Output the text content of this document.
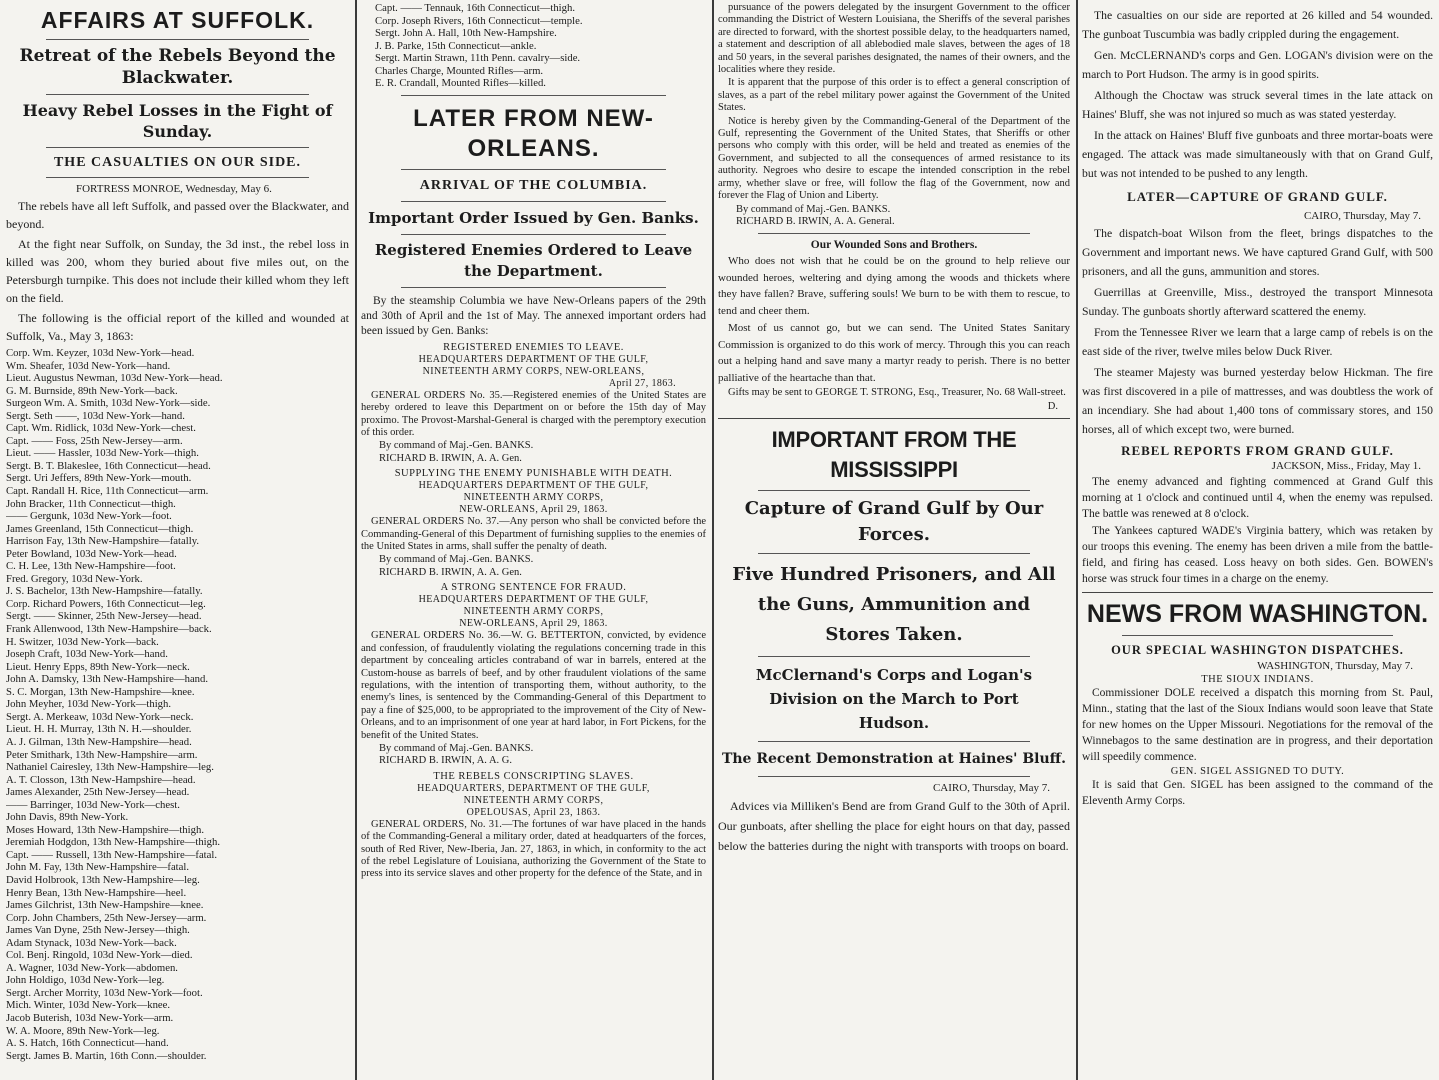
AFFAIRS AT SUFFOLK.
Retreat of the Rebels Beyond the Blackwater.
Heavy Rebel Losses in the Fight of Sunday.
THE CASUALTIES ON OUR SIDE.
FORTRESS MONROE, Wednesday, May 6.

The rebels have all left Suffolk, and passed over the Blackwater, and beyond.

At the fight near Suffolk, on Sunday, the 3d inst., the rebel loss in killed was 200, whom they buried about five miles out, on the Petersburgh turnpike. This does not include their killed whom they left on the field.

The following is the official report of the killed and wounded at Suffolk, Va., May 3, 1863:

Corp. Wm. Keyzer, 103d New-York—head.
Wm. Sheafer, 103d New-York—hand.
Lieut. Augustus Newman, 103d New-York—head.
G. M. Burnside, 89th New-York—back.
Surgeon Wm. A. Smith, 103d New-York—side.
Sergt. Seth ——, 103d New-York—hand.
Capt. Wm. Ridlick, 103d New-York—chest.
Capt. —— Foss, 25th New-Jersey—arm.
Lieut. —— Hassler, 103d New-York—thigh.
Sergt. B. T. Blakeslee, 16th Connecticut—head.
Sergt. Uri Jeffers, 89th New-York—mouth.
Capt. Randall H. Rice, 11th Connecticut—arm.
John Bracker, 11th Connecticut—thigh.
—— Gergunk, 103d New-York—foot.
James Greenland, 15th Connecticut—thigh.
Harrison Fay, 13th New-Hampshire—fatally.
Peter Bowland, 103d New-York—head.
C. H. Lee, 13th New-Hampshire—foot.
Fred. Gregory, 103d New-York.
J. S. Bachelor, 13th New-Hampshire—fatally.
Corp. Richard Powers, 16th Connecticut—leg.
Sergt. —— Skinner, 25th New-Jersey—head.
Frank Allenwood, 13th New-Hampshire—back.
H. Switzer, 103d New-York—back.
Joseph Craft, 103d New-York—hand.
Lieut. Henry Epps, 89th New-York—neck.
John A. Damsky, 13th New-Hampshire—hand.
S. C. Morgan, 13th New-Hampshire—knee.
John Meyher, 103d New-York—thigh.
Sergt. A. Merkeaw, 103d New-York—neck.
Lieut. H. H. Murray, 13th N. H.—shoulder.
A. J. Gilman, 13th New-Hampshire—head.
Peter Smithark, 13th New-Hampshire—arm.
Nathaniel Cairesley, 13th New-Hampshire—leg.
A. T. Closson, 13th New-Hampshire—head.
James Alexander, 25th New-Jersey—head.
—— Barringer, 103d New-York—chest.
John Davis, 89th New-York.
Moses Howard, 13th New-Hampshire—thigh.
Jeremiah Hodgdon, 13th New-Hampshire—thigh.
Capt. —— Russell, 13th New-Hampshire—fatal.
John M. Fay, 13th New-Hampshire—fatal.
David Holbrook, 13th New-Hampshire—leg.
Henry Bean, 13th New-Hampshire—heel.
James Gilchrist, 13th New-Hampshire—knee.
Corp. John Chambers, 25th New-Jersey—arm.
James Van Dyne, 25th New-Jersey—thigh.
Adam Stynack, 103d New-York—back.
Col. Benj. Ringold, 103d New-York—died.
A. Wagner, 103d New-York—abdomen.
John Holdigo, 103d New-York—leg.
Sergt. Archer Morrity, 103d New-York—foot.
Mich. Winter, 103d New-York—knee.
Jacob Buterish, 103d New-York—arm.
W. A. Moore, 89th New-York—leg.
A. S. Hatch, 16th Connecticut—hand.
Sergt. James B. Martin, 16th Conn.—shoulder.
Capt. —— Tennauk, 16th Connecticut—thigh.
Corp. Joseph Rivers, 16th Connecticut—temple.
Sergt. John A. Hall, 10th New-Hampshire.
J. B. Parke, 15th Connecticut—ankle.
Sergt. Martin Strawn, 11th Penn. cavalry—side.
Charles Charge, Mounted Rifles—arm.
E. R. Crandall, Mounted Rifles—killed.
LATER FROM NEW-ORLEANS.
ARRIVAL OF THE COLUMBIA.
Important Order Issued by Gen. Banks.
Registered Enemies Ordered to Leave the Department.

By the steamship Columbia we have New-Orleans papers of the 29th and 30th of April and the 1st of May. The annexed important orders had been issued by Gen. Banks:

REGISTERED ENEMIES TO LEAVE.
HEADQUARTERS DEPARTMENT OF THE GULF,
NINETEENTH ARMY CORPS, NEW-ORLEANS,
April 27, 1863.

GENERAL ORDERS No. 35.—Registered enemies of the United States are hereby ordered to leave this Department on or before the 15th day of May proximo. The Provost-Marshal-General is charged with the peremptory execution of this order.

By command of Maj.-Gen. BANKS.
RICHARD B. IRWIN, A. A. Gen.
SUPPLYING THE ENEMY PUNISHABLE WITH DEATH.
HEADQUARTERS DEPARTMENT OF THE GULF,
NINETEENTH ARMY CORPS,
NEW-ORLEANS, April 29, 1863.

GENERAL ORDERS No. 37.—Any person who shall be convicted before the Commanding-General of this Department of furnishing supplies to the enemies of the United States in arms, shall suffer the penalty of death.

By command of Maj.-Gen. BANKS.
RICHARD B. IRWIN, A. A. Gen.
A STRONG SENTENCE FOR FRAUD.
HEADQUARTERS DEPARTMENT OF THE GULF,
NINETEENTH ARMY CORPS,
NEW-ORLEANS, April 29, 1863.

GENERAL ORDERS No. 36.—W. G. BETTERTON, convicted, by evidence and confession, of fraudulently violating the regulations concerning trade in this department by concealing articles contraband of war in barrels, entered at the Custom-house as barrels of beef, and by other fraudulent violations of the same regulations, with the intention of transporting them, without authority, to the enemy's lines, is sentenced by the Commanding-General of this Department to pay a fine of $25,000, to be appropriated to the improvement of the City of New-Orleans, and to an imprisonment of one year at hard labor, in Fort Pickens, for the benefit of the United States.

By command of Maj.-Gen. BANKS.
RICHARD B. IRWIN, A. A. G.
THE REBELS CONSCRIPTING SLAVES.
HEADQUARTERS, DEPARTMENT OF THE GULF,
NINETEENTH ARMY CORPS,
OPELOUSAS, April 23, 1863.

GENERAL ORDERS, No. 31.—The fortunes of war have placed in the hands of the Commanding-General a military order, dated at headquarters of the forces, south of Red River, New-Iberia, Jan. 27, 1863, in which, in conformity to the act of the rebel Legislature of Louisiana, authorizing the Government of the State to press into its service slaves and other property for the defence of the State, and in

pursuance of the powers delegated by the insurgent Government to the officer commanding the District of Western Louisiana, the Sheriffs of the several parishes are directed to forward, with the shortest possible delay, to the headquarters named, a statement and description of all ablebodied male slaves, between the ages of 18 and 50 years, in the several parishes designated, the names of their owners, and the localities where they reside.

It is apparent that the purpose of this order is to effect a general conscription of slaves, as a part of the rebel military power against the Government of the United States.

Notice is hereby given by the Commanding-General of the Department of the Gulf, representing the Government of the United States, that Sheriffs or other persons who comply with this order, will be held and treated as enemies of the Government, and subjected to all the consequences of armed resistance to its authority. Negroes who desire to escape the intended conscription in the rebel army, whether slave or free, will follow the flag of the Government, now and forever the Flag of Union and Liberty.

By command of Maj.-Gen. BANKS.
RICHARD B. IRWIN, A. A. General.
Our Wounded Sons and Brothers.

Who does not wish that he could be on the ground to help relieve our wounded heroes, weltering and dying among the woods and thickets where they have fallen? Brave, suffering souls! We burn to be with them to rescue, to tend and cheer them.

Most of us cannot go, but we can send. The United States Sanitary Commission is organized to do this work of mercy. Through this you can reach out a helping hand and save many a martyr ready to perish. There is no better palliative of the heartache than that.

Gifts may be sent to GEORGE T. STRONG, Esq., Treasurer, No. 68 Wall-street.

D.
IMPORTANT FROM THE MISSISSIPPI
Capture of Grand Gulf by Our Forces.
Five Hundred Prisoners, and All the Guns, Ammunition and Stores Taken.
McClernand's Corps and Logan's Division on the March to Port Hudson.
The Recent Demonstration at Haines' Bluff.
CAIRO, Thursday, May 7.

Advices via Milliken's Bend are from Grand Gulf to the 30th of April. Our gunboats, after shelling the place for eight hours on that day, passed below the batteries during the night with transports with troops on board.

The casualties on our side are reported at 26 killed and 54 wounded. The gunboat Tuscumbia was badly crippled during the engagement.

Gen. McCLERNAND's corps and Gen. LOGAN's division were on the march to Port Hudson. The army is in good spirits.

Although the Choctaw was struck several times in the late attack on Haines' Bluff, she was not injured so much as was stated yesterday.

In the attack on Haines' Bluff five gunboats and three mortar-boats were engaged. The attack was made simultaneously with that on Grand Gulf, but was not intended to be pushed to any length.

LATER—CAPTURE OF GRAND GULF.
CAIRO, Thursday, May 7.

The dispatch-boat Wilson from the fleet, brings dispatches to the Government and important news. We have captured Grand Gulf, with 500 prisoners, and all the guns, ammunition and stores.

Guerrillas at Greenville, Miss., destroyed the transport Minnesota Sunday. The gunboats shortly afterward scattered the enemy.

From the Tennessee River we learn that a large camp of rebels is on the east side of the river, twelve miles below Duck River.

The steamer Majesty was burned yesterday below Hickman. The fire was first discovered in a pile of mattresses, and was doubtless the work of an incendiary. She had about 1,400 tons of commissary stores, and 150 horses, all of which except two, were burned.

REBEL REPORTS FROM GRAND GULF.
JACKSON, Miss., Friday, May 1.

The enemy advanced and fighting commenced at Grand Gulf this morning at 1 o'clock and continued until 4, when the enemy was repulsed. The battle was renewed at 8 o'clock.

The Yankees captured WADE's Virginia battery, which was retaken by our troops this evening. The enemy has been driven a mile from the battle-field, and firing has ceased. Loss heavy on both sides. Gen. BOWEN's horse was struck four times in a charge on the enemy.

NEWS FROM WASHINGTON.
OUR SPECIAL WASHINGTON DISPATCHES.
WASHINGTON, Thursday, May 7.
THE SIOUX INDIANS.

Commissioner DOLE received a dispatch this morning from St. Paul, Minn., stating that the last of the Sioux Indians would soon leave that State for new homes on the Upper Missouri. Negotiations for the removal of the Winnebagos to the same destination are in progress, and their deportation will speedily commence.

GEN. SIGEL ASSIGNED TO DUTY.

It is said that Gen. SIGEL has been assigned to the command of the Eleventh Army Corps.
